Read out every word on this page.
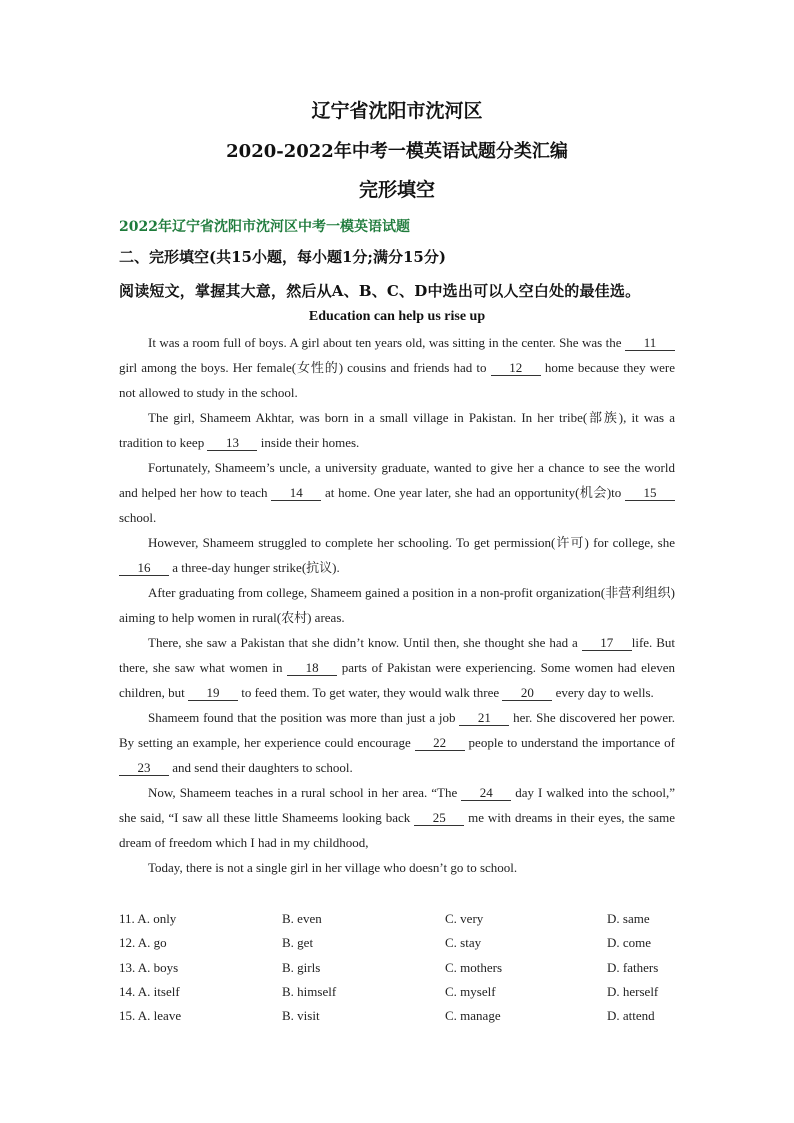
辽宁省沈阳市沈河区
2020-2022年中考一模英语试题分类汇编
完形填空
2022年辽宁省沈阳市沈河区中考一模英语试题
二、完形填空(共15小题，每小题1分;满分15分)
阅读短文，掌握其大意，然后从A、B、C、D中选出可以人空白处的最佳选。
Education can help us rise up

It was a room full of boys. A girl about ten years old, was sitting in the center. She was the 11 girl among the boys. Her female(女性的) cousins and friends had to 12 home because they were not allowed to study in the school.

The girl, Shameem Akhtar, was born in a small village in Pakistan. In her tribe(部族), it was a tradition to keep 13 inside their homes.

Fortunately, Shameem’s uncle, a university graduate, wanted to give her a chance to see the world and helped her how to teach 14 at home. One year later, she had an opportunity(机会)to 15 school.

However, Shameem struggled to complete her schooling. To get permission(许可) for college, she 16 a three-day hunger strike(抗议).

After graduating from college, Shameem gained a position in a non-profit organization(非营利组织) aiming to help women in rural(农村) areas.

There, she saw a Pakistan that she didn’t know. Until then, she thought she had a 17 life. But there, she saw what women in 18 parts of Pakistan were experiencing. Some women had eleven children, but 19 to feed them. To get water, they would walk three 20 every day to wells.

Shameem found that the position was more than just a job 21 her. She discovered her power. By setting an example, her experience could encourage 22 people to understand the importance of 23 and send their daughters to school.

Now, Shameem teaches in a rural school in her area. “The 24 day I walked into the school,” she said, “I saw all these little Shameems looking back 25 me with dreams in their eyes, the same dream of freedom which I had in my childhood,

Today, there is not a single girl in her village who doesn’t go to school.

11. A. only	B. even	C. very	D. same
12. A. go	B. get	C. stay	D. come
13. A. boys	B. girls	C. mothers	D. fathers
14. A. itself	B. himself	C. myself	D. herself
15. A. leave	B. visit	C. manage	D. attend
